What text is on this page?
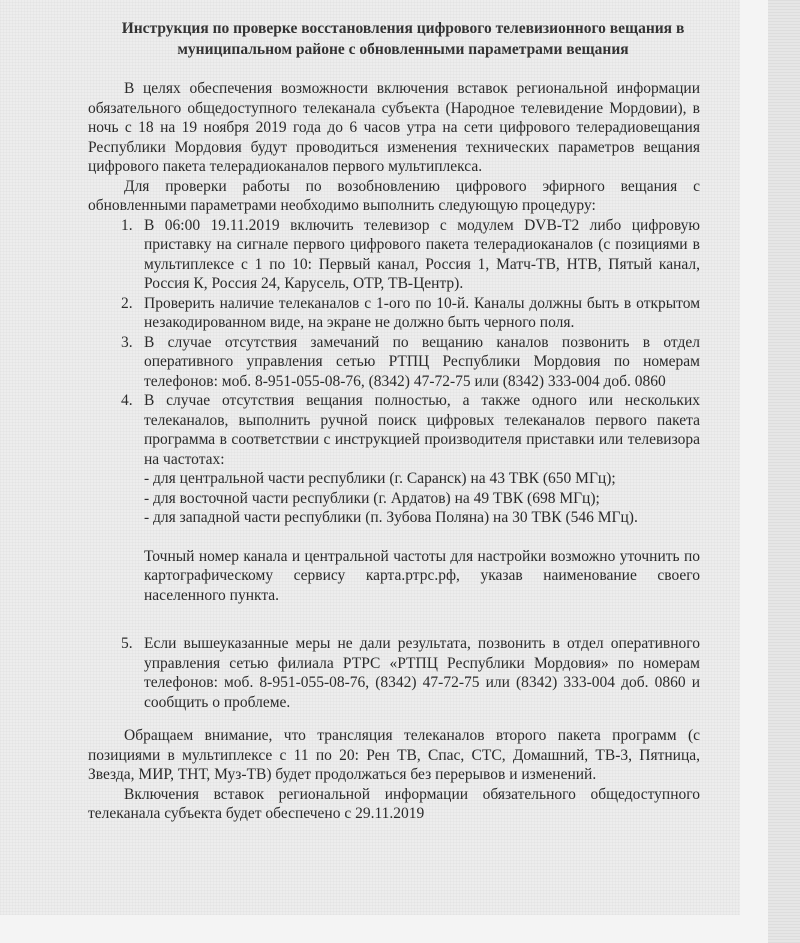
Инструкция по проверке восстановления цифрового телевизионного вещания в муниципальном районе с обновленными параметрами вещания

В целях обеспечения возможности включения вставок региональной информации обязательного общедоступного телеканала субъекта (Народное телевидение Мордовии), в ночь с 18 на 19 ноября 2019 года до 6 часов утра на сети цифрового телерадиовещания Республики Мордовия будут проводиться изменения технических параметров вещания цифрового пакета телерадиоканалов первого мультиплекса.

Для проверки работы по возобновлению цифрового эфирного вещания с обновленными параметрами необходимо выполнить следующую процедуру:

1. В 06:00 19.11.2019 включить телевизор с модулем DVB-T2 либо цифровую приставку на сигнале первого цифрового пакета телерадиоканалов (с позициями в мультиплексе с 1 по 10: Первый канал, Россия 1, Матч-ТВ, НТВ, Пятый канал, Россия К, Россия 24, Карусель, ОТР, ТВ-Центр).
2. Проверить наличие телеканалов с 1-ого по 10-й. Каналы должны быть в открытом незакодированном виде, на экране не должно быть черного поля.
3. В случае отсутствия замечаний по вещанию каналов позвонить в отдел оперативного управления сетью РТПЦ Республики Мордовия по номерам телефонов: моб. 8-951-055-08-76, (8342) 47-72-75 или (8342) 333-004 доб. 0860
4. В случае отсутствия вещания полностью, а также одного или нескольких телеканалов, выполнить ручной поиск цифровых телеканалов первого пакета программа в соответствии с инструкцией производителя приставки или телевизора на частотах:
- для центральной части республики (г. Саранск) на 43 ТВК (650 МГц);
- для восточной части республики (г. Ардатов) на 49 ТВК (698 МГц);
- для западной части республики (п. Зубова Поляна) на 30 ТВК (546 МГц).
Точный номер канала и центральной частоты для настройки возможно уточнить по картографическому сервису карта.ртрс.рф, указав наименование своего населенного пункта.
5. Если вышеуказанные меры не дали результата, позвонить в отдел оперативного управления сетью филиала РТРС «РТПЦ Республики Мордовия» по номерам телефонов: моб. 8-951-055-08-76, (8342) 47-72-75 или (8342) 333-004 доб. 0860 и сообщить о проблеме.

Обращаем внимание, что трансляция телеканалов второго пакета программ (с позициями в мультиплексе с 11 по 20: Рен ТВ, Спас, СТС, Домашний, ТВ-3, Пятница, Звезда, МИР, ТНТ, Муз-ТВ) будет продолжаться без перерывов и изменений.

Включения вставок региональной информации обязательного общедоступного телеканала субъекта будет обеспечено с 29.11.2019
